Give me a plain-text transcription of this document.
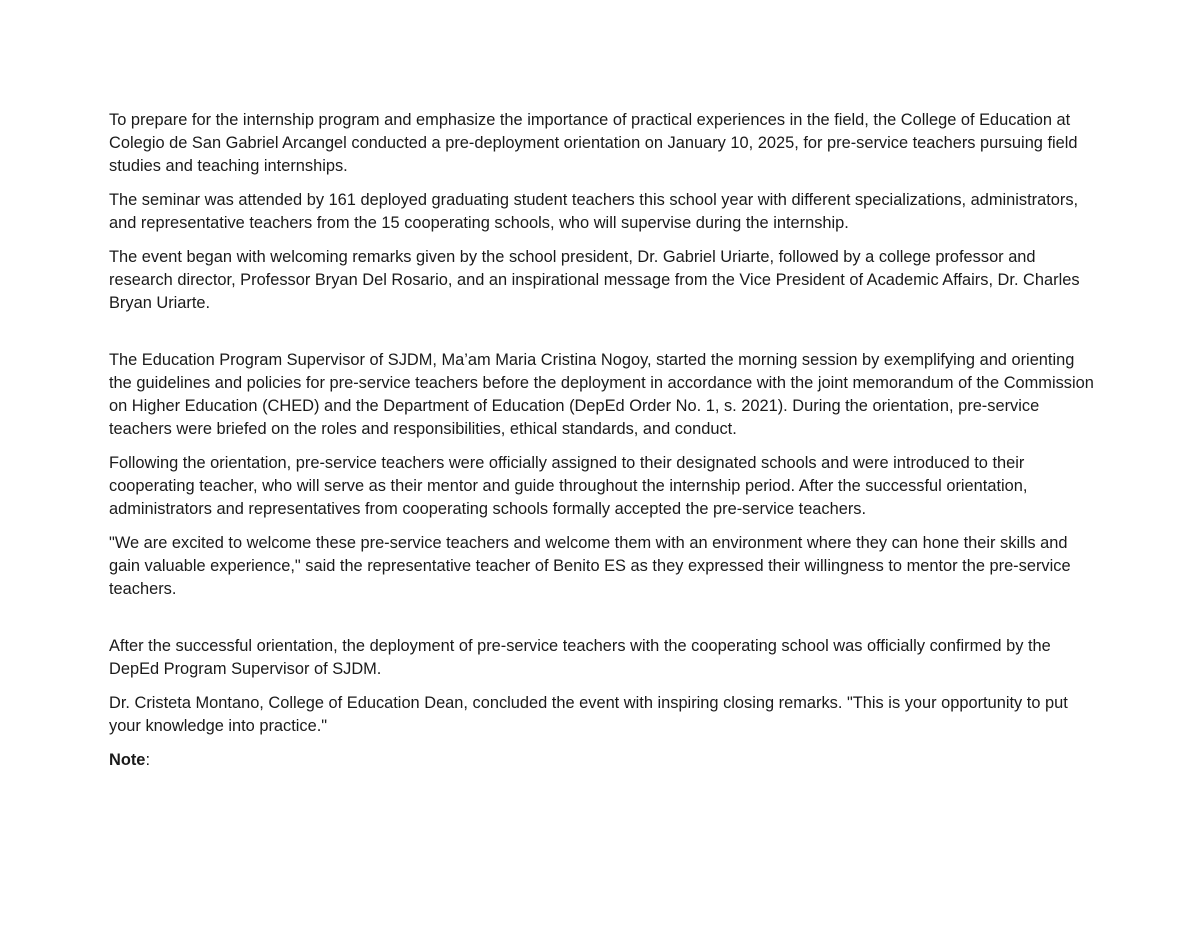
To prepare for the internship program and emphasize the importance of practical experiences in the field, the College of Education at Colegio de San Gabriel Arcangel conducted a pre-deployment orientation on January 10, 2025, for pre-service teachers pursuing field studies and teaching internships.

The seminar was attended by 161 deployed graduating student teachers this school year with different specializations, administrators, and representative teachers from the 15 cooperating schools, who will supervise during the internship.

The event began with welcoming remarks given by the school president, Dr. Gabriel Uriarte, followed by a college professor and research director, Professor Bryan Del Rosario, and an inspirational message from the Vice President of Academic Affairs, Dr. Charles Bryan Uriarte.

The Education Program Supervisor of SJDM, Ma’am Maria Cristina Nogoy, started the morning session by exemplifying and orienting the guidelines and policies for pre-service teachers before the deployment in accordance with the joint memorandum of the Commission on Higher Education (CHED) and the Department of Education (DepEd Order No. 1, s. 2021). During the orientation, pre-service teachers were briefed on the roles and responsibilities, ethical standards, and conduct.

Following the orientation, pre-service teachers were officially assigned to their designated schools and were introduced to their cooperating teacher, who will serve as their mentor and guide throughout the internship period. After the successful orientation, administrators and representatives from cooperating schools formally accepted the pre-service teachers.

"We are excited to welcome these pre-service teachers and welcome them with an environment where they can hone their skills and gain valuable experience," said the representative teacher of Benito ES as they expressed their willingness to mentor the pre-service teachers.

After the successful orientation, the deployment of pre-service teachers with the cooperating school was officially confirmed by the DepEd Program Supervisor of SJDM.

Dr. Cristeta Montano, College of Education Dean, concluded the event with inspiring closing remarks. "This is your opportunity to put your knowledge into practice."

Note:
